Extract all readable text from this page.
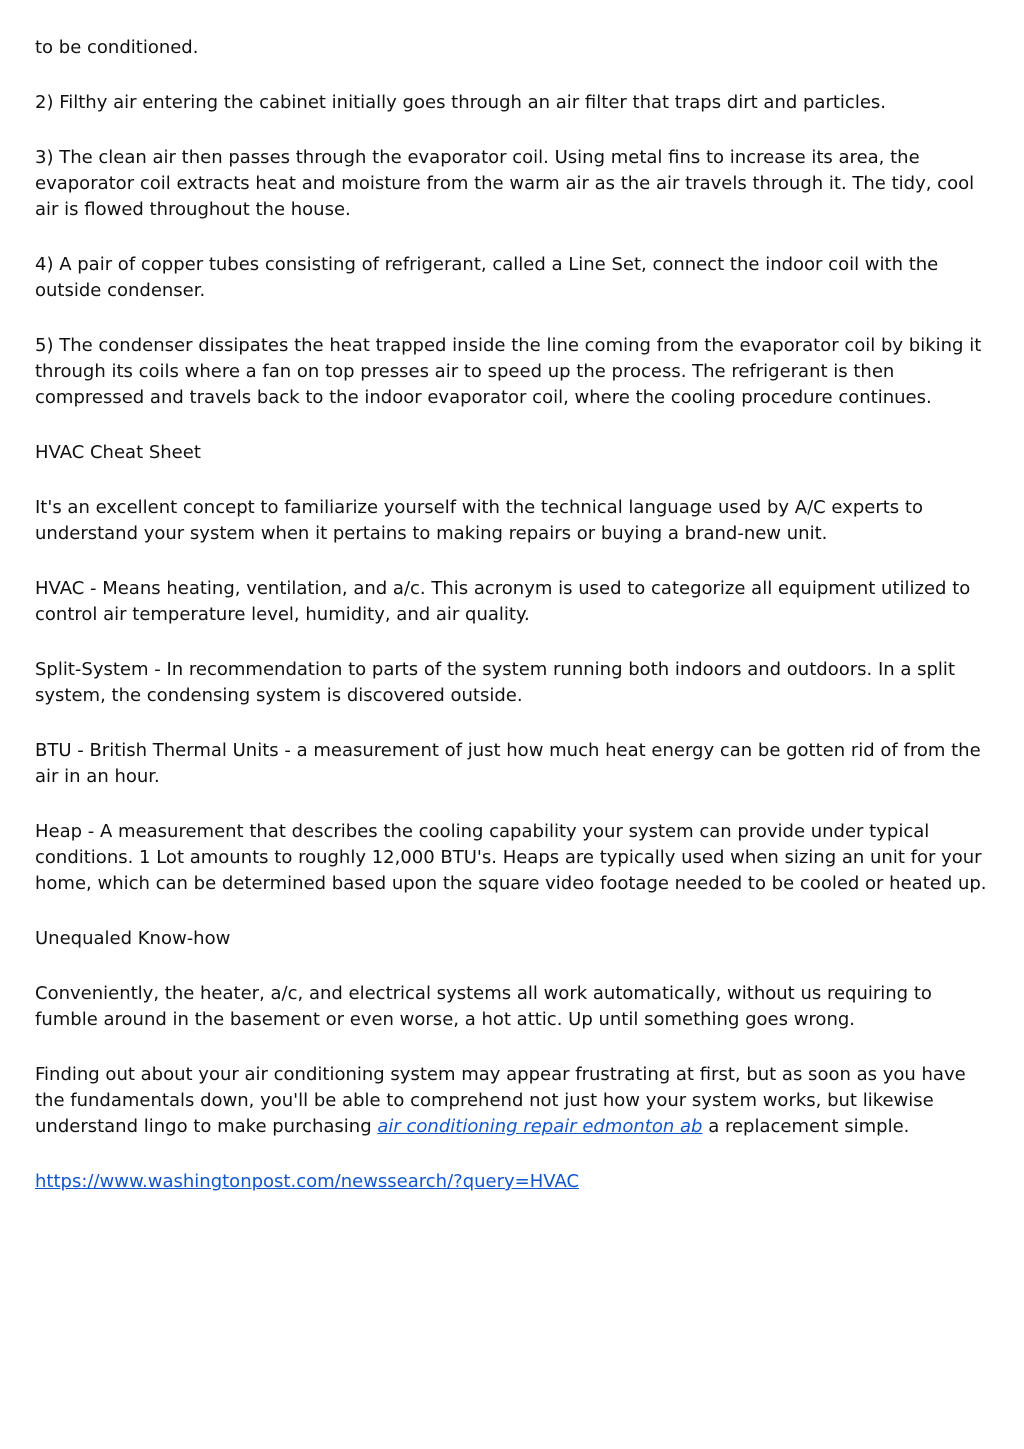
to be conditioned.

2) Filthy air entering the cabinet initially goes through an air filter that traps dirt and particles.

3) The clean air then passes through the evaporator coil. Using metal fins to increase its area, the evaporator coil extracts heat and moisture from the warm air as the air travels through it. The tidy, cool air is flowed throughout the house.

4) A pair of copper tubes consisting of refrigerant, called a Line Set, connect the indoor coil with the outside condenser.

5) The condenser dissipates the heat trapped inside the line coming from the evaporator coil by biking it through its coils where a fan on top presses air to speed up the process. The refrigerant is then compressed and travels back to the indoor evaporator coil, where the cooling procedure continues.

HVAC Cheat Sheet

It's an excellent concept to familiarize yourself with the technical language used by A/C experts to understand your system when it pertains to making repairs or buying a brand-new unit.

HVAC - Means heating, ventilation, and a/c. This acronym is used to categorize all equipment utilized to control air temperature level, humidity, and air quality.

Split-System - In recommendation to parts of the system running both indoors and outdoors. In a split system, the condensing system is discovered outside.

BTU - British Thermal Units - a measurement of just how much heat energy can be gotten rid of from the air in an hour.

Heap - A measurement that describes the cooling capability your system can provide under typical conditions. 1 Lot amounts to roughly 12,000 BTU's. Heaps are typically used when sizing an unit for your home, which can be determined based upon the square video footage needed to be cooled or heated up.

Unequaled Know-how

Conveniently, the heater, a/c, and electrical systems all work automatically, without us requiring to fumble around in the basement or even worse, a hot attic. Up until something goes wrong.

Finding out about your air conditioning system may appear frustrating at first, but as soon as you have the fundamentals down, you'll be able to comprehend not just how your system works, but likewise understand lingo to make purchasing air conditioning repair edmonton ab a replacement simple.

https://www.washingtonpost.com/newssearch/?query=HVAC
